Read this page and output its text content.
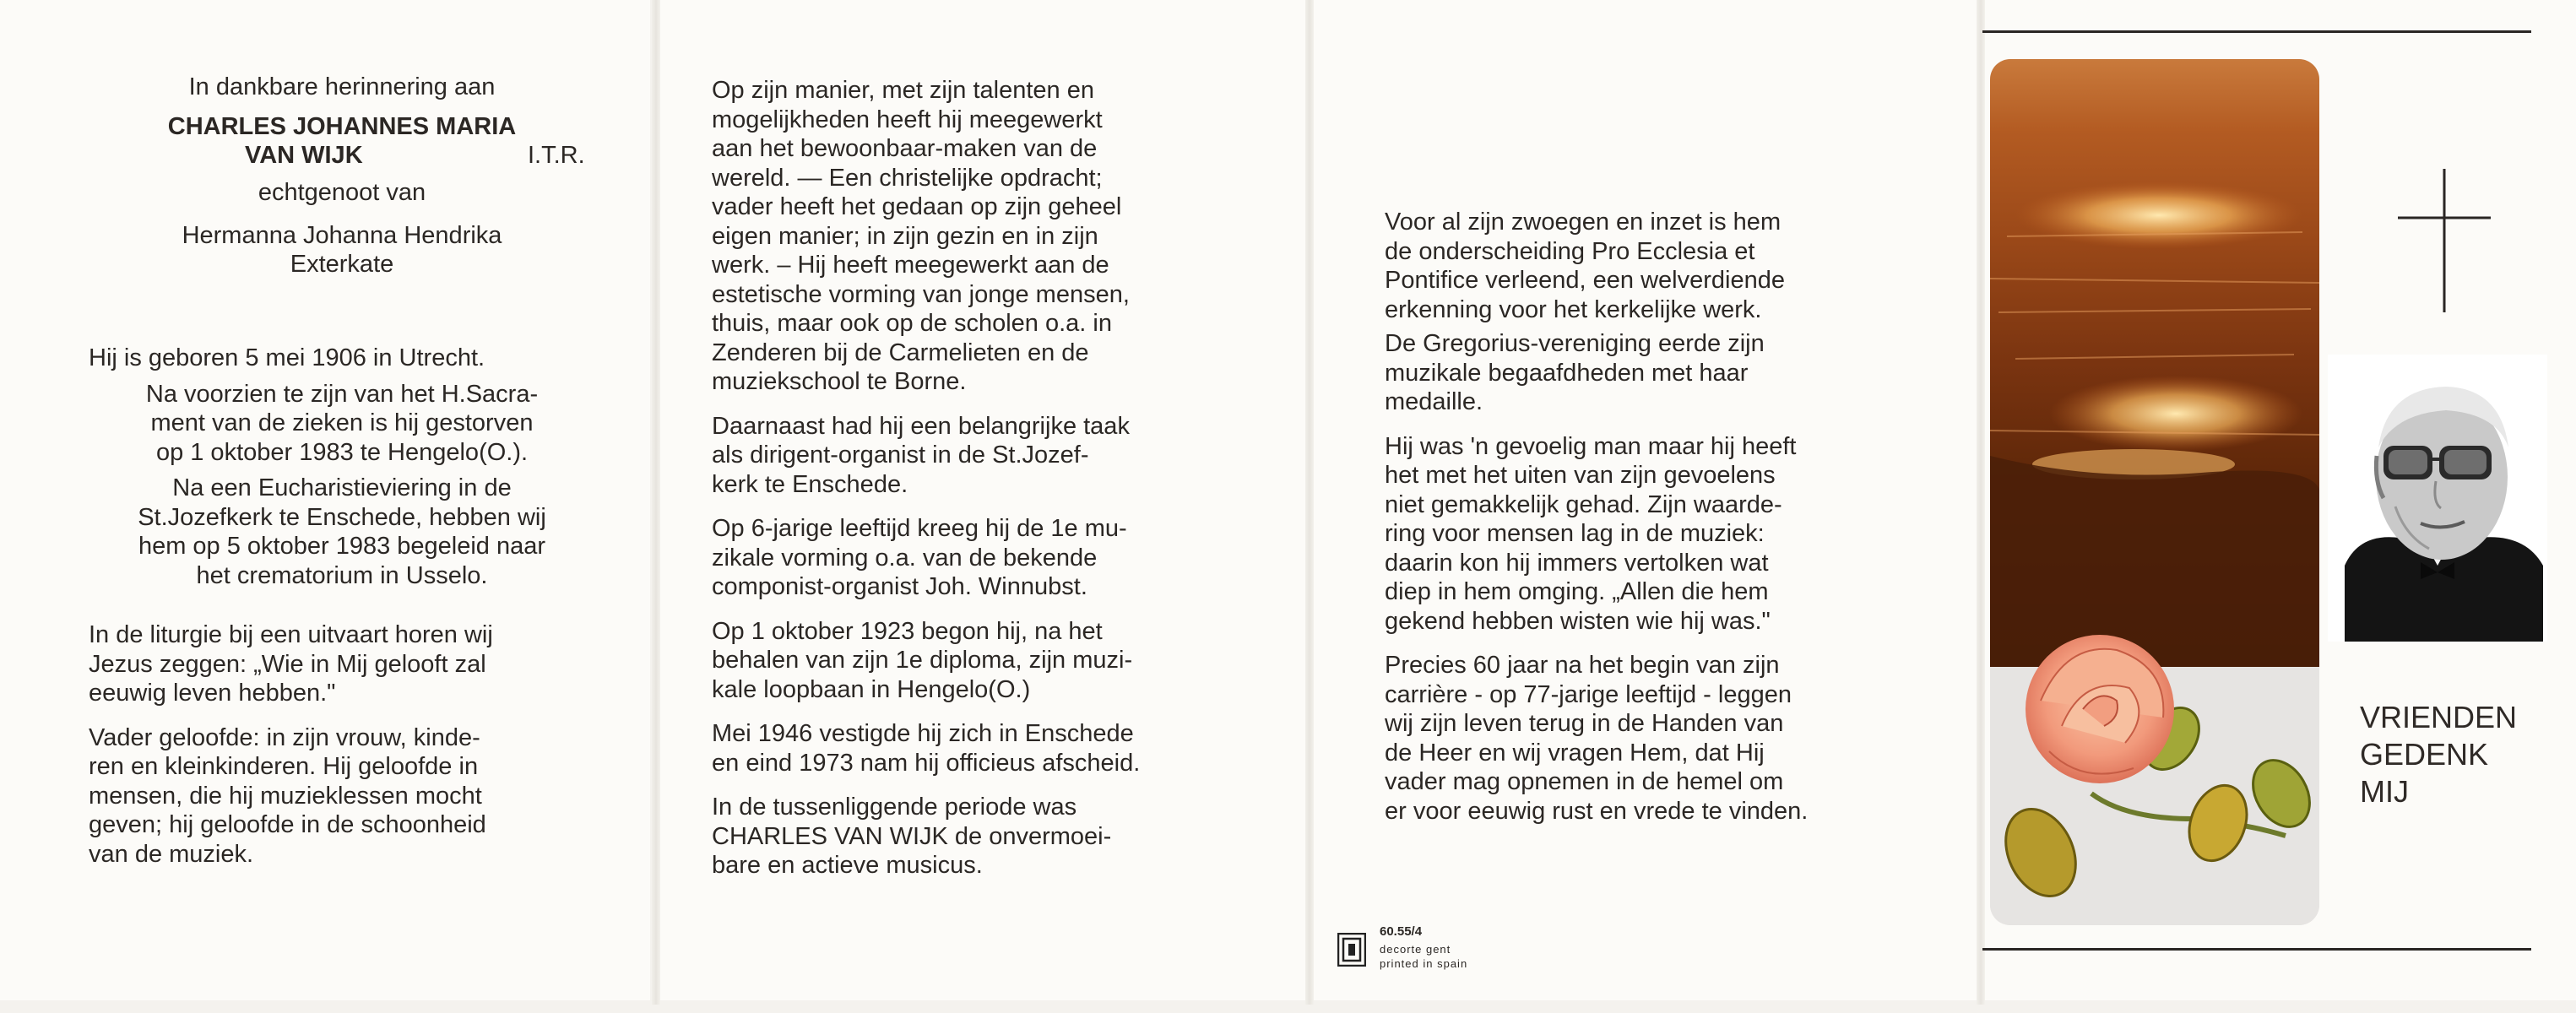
In dankbare herinnering aan
CHARLES JOHANNES MARIA
VAN WIJK	I.T.R.
echtgenoot van
Hermanna Johanna Hendrika
Exterkate

Hij is geboren 5 mei 1906 in Utrecht.

Na voorzien te zijn van het H.Sacra-
ment van de zieken is hij gestorven
op 1 oktober 1983 te Hengelo(O.).

Na een Eucharistieviering in de
St.Jozefkerk te Enschede, hebben wij
hem op 5 oktober 1983 begeleid naar
het crematorium in Usselo.

In de liturgie bij een uitvaart horen wij
Jezus zeggen: „Wie in Mij gelooft zal
eeuwig leven hebben."

Vader geloofde: in zijn vrouw, kinde-
ren en kleinkinderen. Hij geloofde in
mensen, die hij muzieklessen mocht
geven; hij geloofde in de schoonheid
van de muziek.

Op zijn manier, met zijn talenten en
mogelijkheden heeft hij meegewerkt
aan het bewoonbaar-maken van de
wereld. — Een christelijke opdracht;
vader heeft het gedaan op zijn geheel
eigen manier; in zijn gezin en in zijn
werk. – Hij heeft meegewerkt aan de
estetische vorming van jonge mensen,
thuis, maar ook op de scholen o.a. in
Zenderen bij de Carmelieten en de
muziekschool te Borne.

Daarnaast had hij een belangrijke taak
als dirigent-organist in de St.Jozef-
kerk te Enschede.

Op 6-jarige leeftijd kreeg hij de 1e mu-
zikale vorming o.a. van de bekende
componist-organist Joh. Winnubst.

Op 1 oktober 1923 begon hij, na het
behalen van zijn 1e diploma, zijn muzi-
kale loopbaan in Hengelo(O.)

Mei 1946 vestigde hij zich in Enschede
en eind 1973 nam hij officieus afscheid.

In de tussenliggende periode was
CHARLES VAN WIJK de onvermoei-
bare en actieve musicus.

Voor al zijn zwoegen en inzet is hem
de onderscheiding Pro Ecclesia et
Pontifice verleend, een welverdiende
erkenning voor het kerkelijke werk.

De Gregorius-vereniging eerde zijn
muzikale begaafdheden met haar
medaille.

Hij was 'n gevoelig man maar hij heeft
het met het uiten van zijn gevoelens
niet gemakkelijk gehad. Zijn waarde-
ring voor mensen lag in de muziek:
daarin kon hij immers vertolken wat
diep in hem omging. „Allen die hem
gekend hebben wisten wie hij was."

Precies 60 jaar na het begin van zijn
carrière - op 77-jarige leeftijd - leggen
wij zijn leven terug in de Handen van
de Heer en wij vragen Hem, dat Hij
vader mag opnemen in de hemel om
er voor eeuwig rust en vrede te vinden.

60.55/4
decorte gent
printed in spain
VRIENDEN
GEDENK
MIJ
